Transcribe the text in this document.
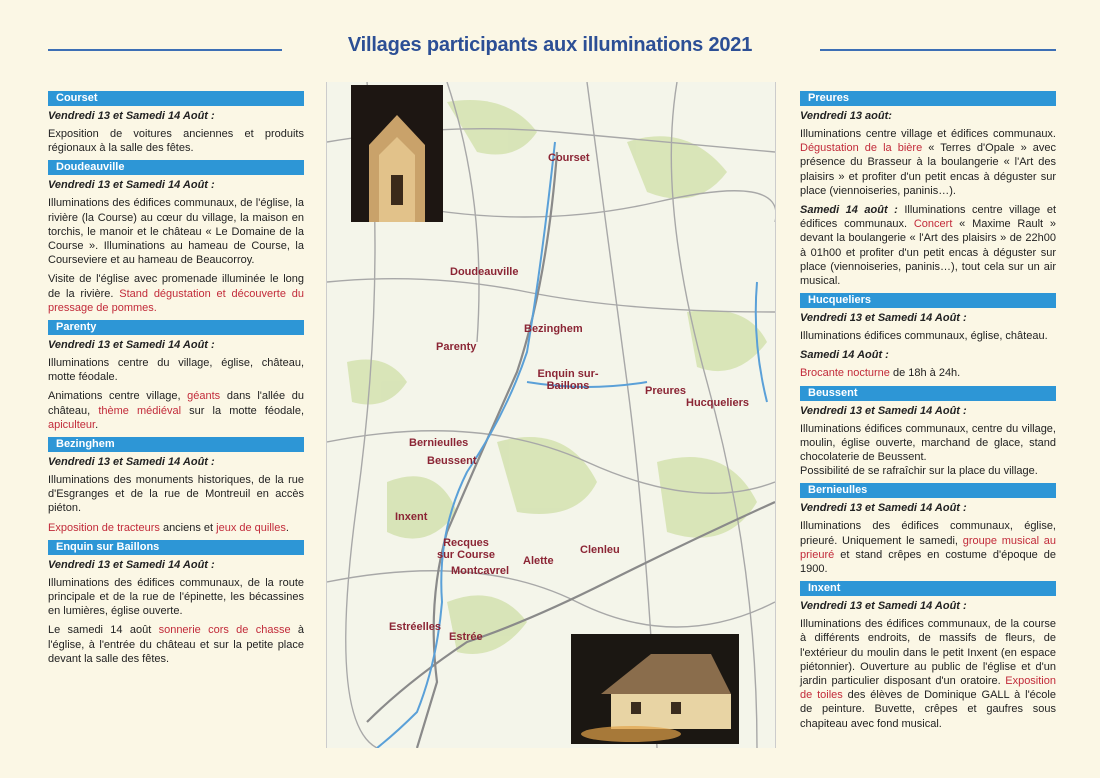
Villages participants aux illuminations 2021
Courset
Vendredi 13 et Samedi 14 Août :

Exposition de voitures anciennes et produits régionaux à la salle des fêtes.

Doudeauville
Vendredi 13 et Samedi 14 Août :

Illuminations des édifices communaux, de l'église, la rivière (la Course) au cœur du village, la maison en torchis, le manoir et le château « Le Domaine de la Course ». Illuminations au hameau de Course, la Courseviere et au hameau de Beaucorroy.

Visite de l'église avec promenade illuminée le long de la rivière. Stand dégustation et découverte du pressage de pommes.

Parenty
Vendredi 13 et Samedi 14 Août :

Illuminations centre du village, église, château, motte féodale.

Animations centre village, géants dans l'allée du château, thème médiéval sur la motte féodale, apiculteur.

Bezinghem
Vendredi 13 et Samedi 14 Août :

Illuminations des monuments historiques, de la rue d'Esgranges et de la rue de Montreuil en accès piéton.

Exposition de tracteurs anciens et jeux de quilles.

Enquin sur Baillons
Vendredi 13 et Samedi 14 Août :

Illuminations des édifices communaux, de la route principale et de la rue de l'épinette, les bécassines en lumières, église ouverte.

Le samedi 14 août sonnerie cors de chasse à l'église, à l'entrée du château et sur la petite place devant la salle des fêtes.

Courset
Doudeauville
Bezinghem
Parenty
Enquin sur-Baillons	Preures
Hucqueliers
Bernieulles
Beussent
Inxent
Recques sur Course
Montcavrel
Alette
Clenleu
Estréelles
Estrée
Preures
Vendredi 13 août:

Illuminations centre village et édifices communaux. Dégustation de la bière « Terres d'Opale » avec présence du Brasseur à la boulangerie « l'Art des plaisirs » et profiter d'un petit encas à déguster sur place (viennoiseries, paninis…).

Samedi 14 août : Illuminations centre village et édifices communaux. Concert « Maxime Rault » devant la boulangerie « l'Art des plaisirs » de 22h00 à 01h00 et profiter d'un petit encas à déguster sur place (viennoiseries, paninis…), tout cela sur un air musical.

Hucqueliers
Vendredi 13 et Samedi 14 Août :

Illuminations édifices communaux, église, château.

Samedi 14 Août :

Brocante nocturne de 18h à 24h.

Beussent
Vendredi 13 et Samedi 14 Août :

Illuminations édifices communaux, centre du village, moulin, église ouverte, marchand de glace, stand chocolaterie de Beussent.

Possibilité de se rafraîchir sur la place du village.

Bernieulles
Vendredi 13 et Samedi 14 Août :

Illuminations des édifices communaux, église, prieuré. Uniquement le samedi, groupe musical au prieuré et stand crêpes en costume d'époque de 1900.

Inxent
Vendredi 13 et Samedi 14 Août :

Illuminations des édifices communaux, de la course à différents endroits, de massifs de fleurs, de l'extérieur du moulin dans le petit Inxent (en espace piétonnier). Ouverture au public de l'église et d'un jardin particulier disposant d'un oratoire. Exposition de toiles des élèves de Dominique GALL à l'école de peinture. Buvette, crêpes et gaufres sous chapiteau avec fond musical.
